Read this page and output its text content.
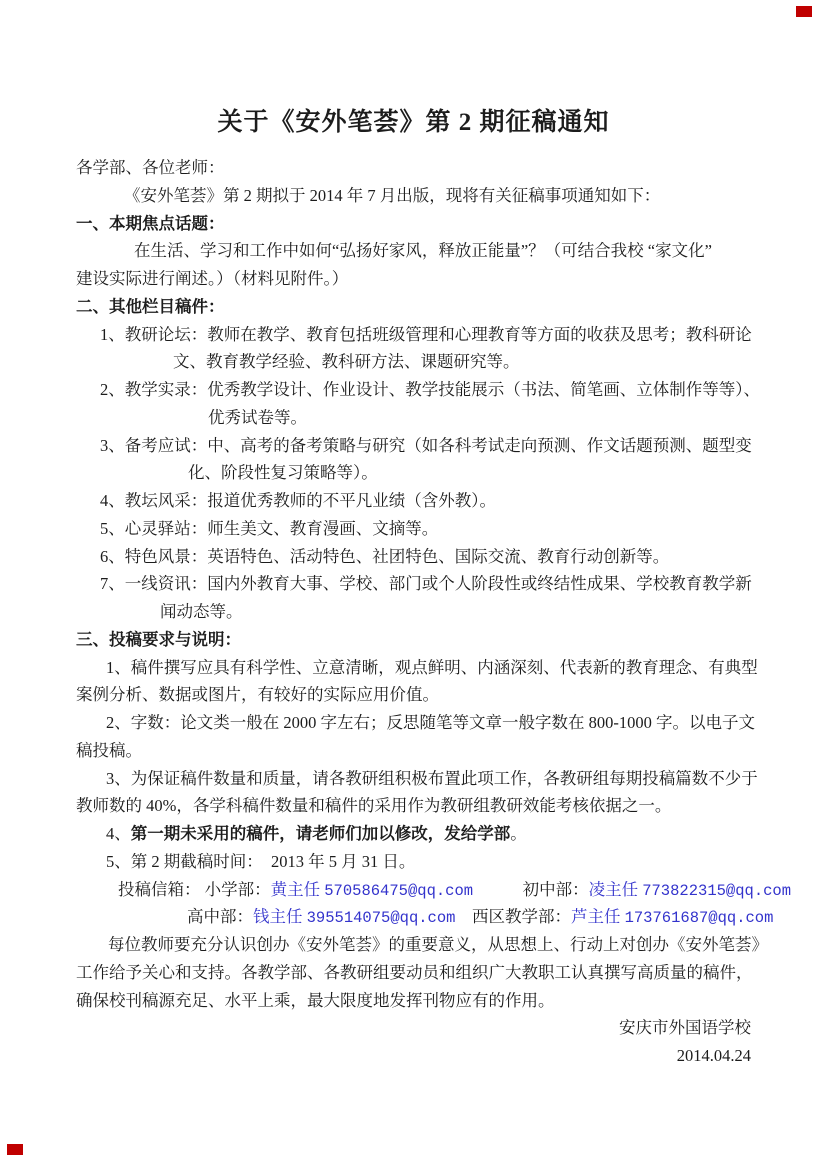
关于《安外笔荟》第 2 期征稿通知
各学部、各位老师：
《安外笔荟》第 2 期拟于 2014 年 7 月出版，现将有关征稿事项通知如下：
一、本期焦点话题：
在生活、学习和工作中如何“弘扬好家风，释放正能量”？（可结合我校 “家文化”
建设实际进行阐述。）（材料见附件。）
二、其他栏目稿件：
1、教研论坛：教师在教学、教育包括班级管理和心理教育等方面的收获及思考；教科研论
文、教育教学经验、教科研方法、课题研究等。
2、教学实录：优秀教学设计、作业设计、教学技能展示（书法、简笔画、立体制作等等）、
优秀试卷等。
3、备考应试：中、高考的备考策略与研究（如各科考试走向预测、作文话题预测、题型变
化、阶段性复习策略等）。
4、教坛风采：报道优秀教师的不平凡业绩（含外教）。
5、心灵驿站：师生美文、教育漫画、文摘等。
6、特色风景：英语特色、活动特色、社团特色、国际交流、教育行动创新等。
7、一线资讯：国内外教育大事、学校、部门或个人阶段性或终结性成果、学校教育教学新
闻动态等。
三、投稿要求与说明：
1、稿件撰写应具有科学性、立意清晰，观点鲜明、内涵深刻、代表新的教育理念、有典型
案例分析、数据或图片，有较好的实际应用价值。
2、字数：论文类一般在 2000 字左右；反思随笔等文章一般字数在 800-1000 字。以电子文
稿投稿。
3、为保证稿件数量和质量，请各教研组积极布置此项工作，各教研组每期投稿篇数不少于
教师数的 40%，各学科稿件数量和稿件的采用作为教研组教研效能考核依据之一。
4、第一期未采用的稿件，请老师们加以修改，发给学部。
5、第 2 期截稿时间：  2013 年 5 月 31 日。
投稿信箱： 小学部：黄主任 570586475@qq.com　　　初中部：凌主任 773822315@qq.com
高中部：钱主任 395514075@qq.com　西区教学部：芦主任 173761687@qq.com
每位教师要充分认识创办《安外笔荟》的重要意义，从思想上、行动上对创办《安外笔荟》
工作给予关心和支持。各教学部、各教研组要动员和组织广大教职工认真撰写高质量的稿件，
确保校刊稿源充足、水平上乘，最大限度地发挥刊物应有的作用。
安庆市外国语学校
2014.04.24
